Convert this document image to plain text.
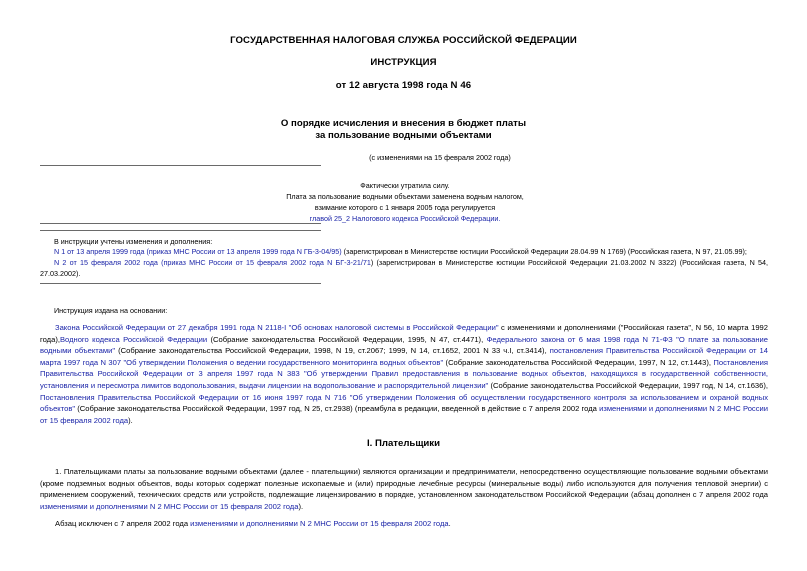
ГОСУДАРСТВЕННАЯ НАЛОГОВАЯ СЛУЖБА РОССИЙСКОЙ ФЕДЕРАЦИИ
ИНСТРУКЦИЯ
от 12 августа 1998 года N 46
О порядке исчисления и внесения в бюджет платы
за пользование водными объектами
(с изменениями на 15 февраля 2002 года)
Фактически утратила силу.
Плата за пользование водными объектами заменена водным налогом,
взимание которого с 1 января 2005 года регулируется
главой 25_2 Налогового кодекса Российской Федерации.
В инструкции учтены изменения и дополнения:
N 1 от 13 апреля 1999 года (приказ МНС России от 13 апреля 1999 года N ГБ-3-04/95) (зарегистрирован в Министерстве юстиции Российской Федерации 28.04.99 N 1769) (Российская газета, N 97, 21.05.99);
N 2 от 15 февраля 2002 года (приказ МНС России от 15 февраля 2002 года N БГ-3-21/71) (зарегистрирован в Министерстве юстиции Российской Федерации 21.03.2002 N 3322) (Российская газета, N 54, 27.03.2002).
Инструкция издана на основании:
Закона Российской Федерации от 27 декабря 1991 года N 2118-I "Об основах налоговой системы в Российской Федерации" с изменениями и дополнениями ("Российская газета", N 56, 10 марта 1992 года),Водного кодекса Российской Федерации (Собрание законодательства Российской Федерации, 1995, N 47, ст.4471), Федерального закона от 6 мая 1998 года N 71-ФЗ "О плате за пользование водными объектами" (Собрание законодательства Российской Федерации, 1998, N 19, ст.2067; 1999, N 14, ст.1652, 2001 N 33 ч.I, ст.3414), постановления Правительства Российской Федерации от 14 марта 1997 года N 307 "Об утверждении Положения о ведении государственного мониторинга водных объектов" (Собрание законодательства Российской Федерации, 1997, N 12, ст.1443), Постановления Правительства Российской Федерации от 3 апреля 1997 года N 383 "Об утверждении Правил предоставления в пользование водных объектов, находящихся в государственной собственности, установления и пересмотра лимитов водопользования, выдачи лицензии на водопользование и распорядительной лицензии" (Собрание законодательства Российской Федерации, 1997 год, N 14, ст.1636), Постановления Правительства Российской Федерации от 16 июня 1997 года N 716 "Об утверждении Положения об осуществлении государственного контроля за использованием и охраной водных объектов" (Собрание законодательства Российской Федерации, 1997 год, N 25, ст.2938) (преамбула в редакции, введенной в действие с 7 апреля 2002 года изменениями и дополнениями N 2 МНС России от 15 февраля 2002 года).
I. Плательщики
1. Плательщиками платы за пользование водными объектами (далее - плательщики) являются организации и предприниматели, непосредственно осуществляющие пользование водными объектами (кроме подземных водных объектов, воды которых содержат полезные ископаемые и (или) природные лечебные ресурсы (минеральные воды) либо используются для получения тепловой энергии) с применением сооружений, технических средств или устройств, подлежащие лицензированию в порядке, установленном законодательством Российской Федерации (абзац дополнен с 7 апреля 2002 года изменениями и дополнениями N 2 МНС России от 15 февраля 2002 года).
Абзац исключен с 7 апреля 2002 года изменениями и дополнениями N 2 МНС России от 15 февраля 2002 года.
